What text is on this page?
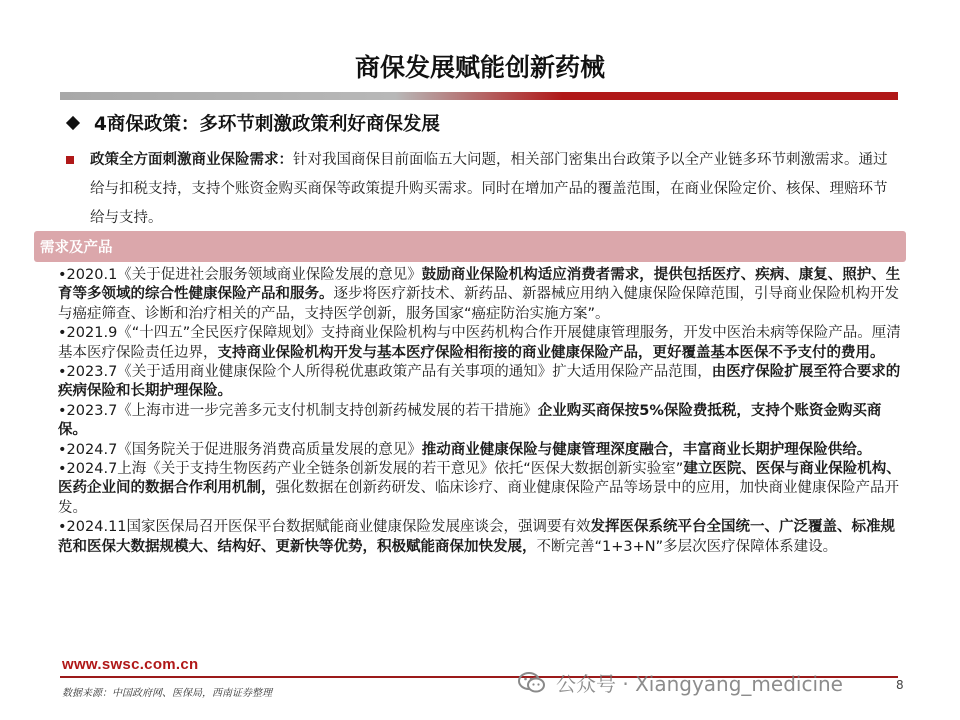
商保发展赋能创新药械
4商保政策：多环节刺激政策利好商保发展
政策全方面刺激商业保险需求：针对我国商保目前面临五大问题，相关部门密集出台政策予以全产业链多环节刺激需求。通过给与扣税支持，支持个账资金购买商保等政策提升购买需求。同时在增加产品的覆盖范围，在商业保险定价、核保、理赔环节给与支持。
需求及产品
•2020.1《关于促进社会服务领域商业保险发展的意见》鼓励商业保险机构适应消费者需求，提供包括医疗、疾病、康复、照护、生育等多领域的综合性健康保险产品和服务。逐步将医疗新技术、新药品、新器械应用纳入健康保险保障范围，引导商业保险机构开发与癌症筛查、诊断和治疗相关的产品，支持医学创新，服务国家“癌症防治实施方案”。
•2021.9《“十四五”全民医疗保障规划》支持商业保险机构与中医药机构合作开展健康管理服务，开发中医治未病等保险产品。厘清基本医疗保险责任边界，支持商业保险机构开发与基本医疗保险相衔接的商业健康保险产品，更好覆盖基本医保不予支付的费用。
•2023.7《关于适用商业健康保险个人所得税优惠政策产品有关事项的通知》扩大适用保险产品范围，由医疗保险扩展至符合要求的疾病保险和长期护理保险。
•2023.7《上海市进一步完善多元支付机制支持创新药械发展的若干措施》企业购买商保按5%保险费抵税，支持个账资金购买商保。
•2024.7《国务院关于促进服务消费高质量发展的意见》推动商业健康保险与健康管理深度融合，丰富商业长期护理保险供给。
•2024.7上海《关于支持生物医药产业全链条创新发展的若干意见》依托“医保大数据创新实验室”建立医院、医保与商业保险机构、医药企业间的数据合作利用机制，强化数据在创新药研发、临床诊疗、商业健康保险产品等场景中的应用，加快商业健康保险产品开发。
•2024.11国家医保局召开医保平台数据赋能商业健康保险发展座谈会，强调要有效发挥医保系统平台全国统一、广泛覆盖、标准规范和医保大数据规模大、结构好、更新快等优势，积极赋能商保加快发展，不断完善“1+3+N”多层次医疗保障体系建设。
www.swsc.com.cn
数据来源：中国政府网、医保局，西南证券整理	公众号 · Xiangyang_medicine	8
